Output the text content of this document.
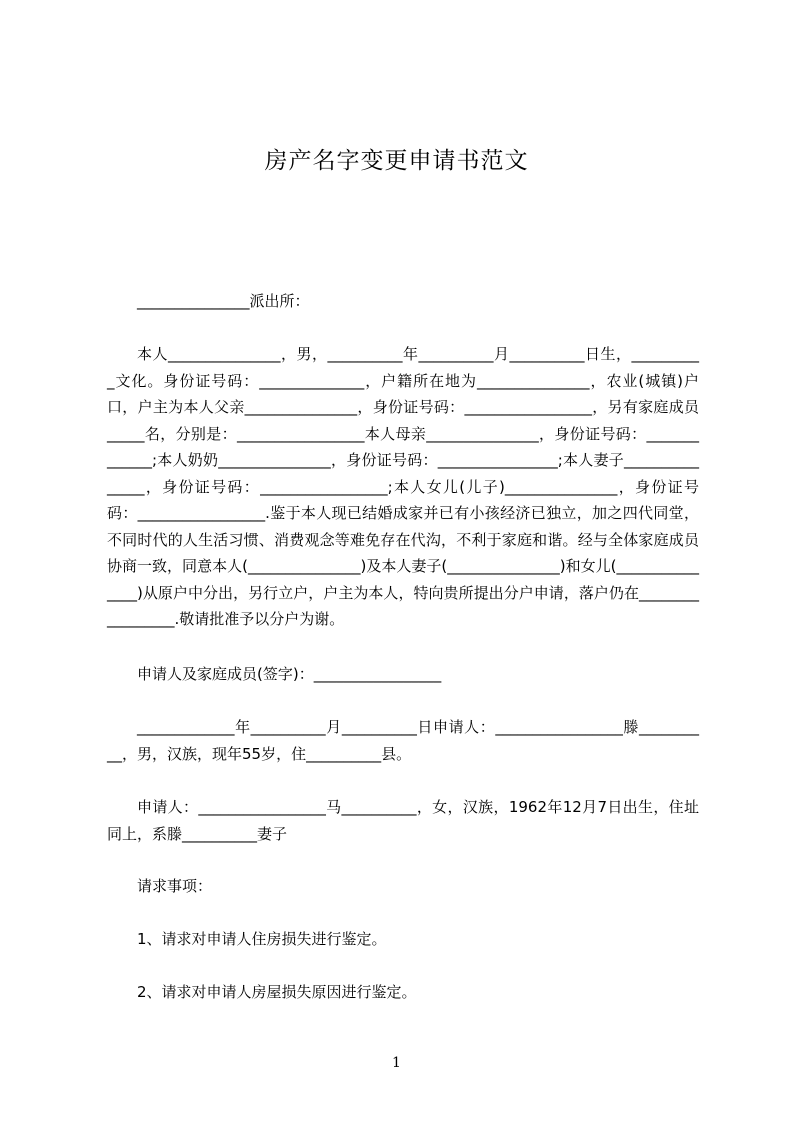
房产名字变更申请书范文
_______________派出所：
本人_______________，男，__________年__________月__________日生，__________文化。身份证号码：______________，户籍所在地为_______________，农业(城镇)户口，户主为本人父亲_______________，身份证号码：_________________，另有家庭成员_____名，分别是：_________________本人母亲_______________，身份证号码：_____________;本人奶奶_______________，身份证号码：________________;本人妻子_______________，身份证号码：_________________;本人女儿(儿子)_______________，身份证号码：_________________.鉴于本人现已结婚成家并已有小孩经济已独立，加之四代同堂，不同时代的人生活习惯、消费观念等难免存在代沟，不利于家庭和谐。经与全体家庭成员协商一致，同意本人(_______________)及本人妻子(_______________)和女儿(_______________)从原户中分出，另行立户，户主为本人，特向贵所提出分户申请，落户仍在_________________.敬请批准予以分户为谢。
申请人及家庭成员(签字)：_________________
_____________年__________月__________日申请人：_________________滕__________，男，汉族，现年55岁，住__________县。
申请人：_________________马__________，女，汉族，1962年12月7日出生，住址同上，系滕__________妻子
请求事项：
1、请求对申请人住房损失进行鉴定。
2、请求对申请人房屋损失原因进行鉴定。
1
